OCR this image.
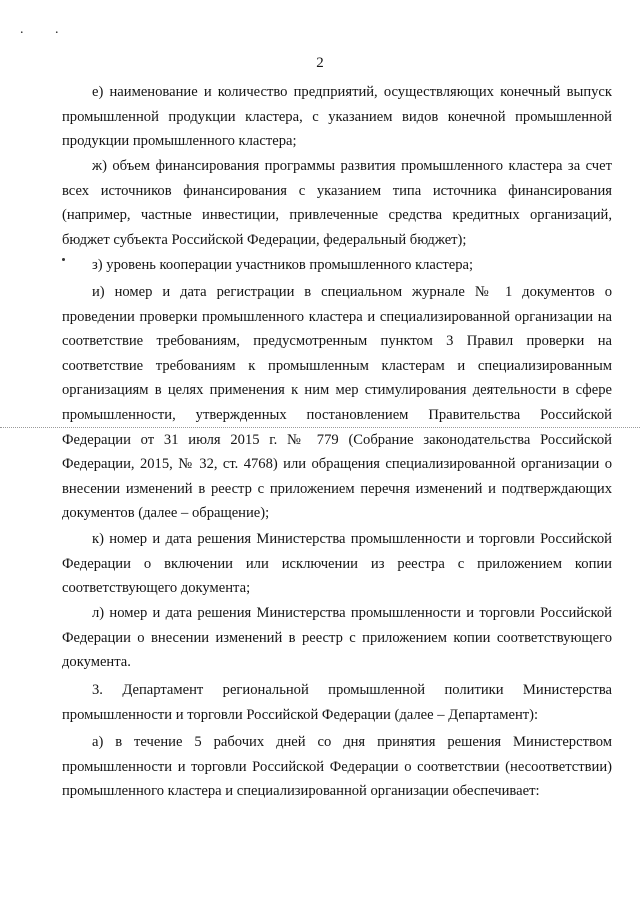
. .
2
е) наименование и количество предприятий, осуществляющих конечный выпуск
промышленной продукции кластера, с указанием видов конечной промышленной
продукции промышленного кластера;
ж) объем финансирования программы развития промышленного кластера за счет
всех источников финансирования с указанием типа источника финансирования
(например, частные инвестиции, привлеченные средства кредитных организаций,
бюджет субъекта Российской Федерации, федеральный бюджет);
з) уровень кооперации участников промышленного кластера;
и) номер и дата регистрации в специальном журнале № 1 документов о
проведении проверки промышленного кластера и специализированной организации на
соответствие требованиям, предусмотренным пунктом 3 Правил проверки на
соответствие требованиям к промышленным кластерам и специализированным
организациям в целях применения к ним мер стимулирования деятельности в сфере
промышленности, утвержденных постановлением Правительства Российской
Федерации от 31 июля 2015 г. № 779 (Собрание законодательства Российской
Федерации, 2015, № 32, ст. 4768) или обращения специализированной организации о
внесении изменений в реестр с приложением перечня изменений и подтверждающих
документов (далее – обращение);
к) номер и дата решения Министерства промышленности и торговли Российской
Федерации о включении или исключении из реестра с приложением копии
соответствующего документа;
л) номер и дата решения Министерства промышленности и торговли Российской
Федерации о внесении изменений в реестр с приложением копии соответствующего
документа.
3. Департамент региональной промышленной политики Министерства
промышленности и торговли Российской Федерации (далее – Департамент):
а) в течение 5 рабочих дней со дня принятия решения Министерством
промышленности и торговли Российской Федерации о соответствии (несоответствии)
промышленного кластера и специализированной организации обеспечивает:
